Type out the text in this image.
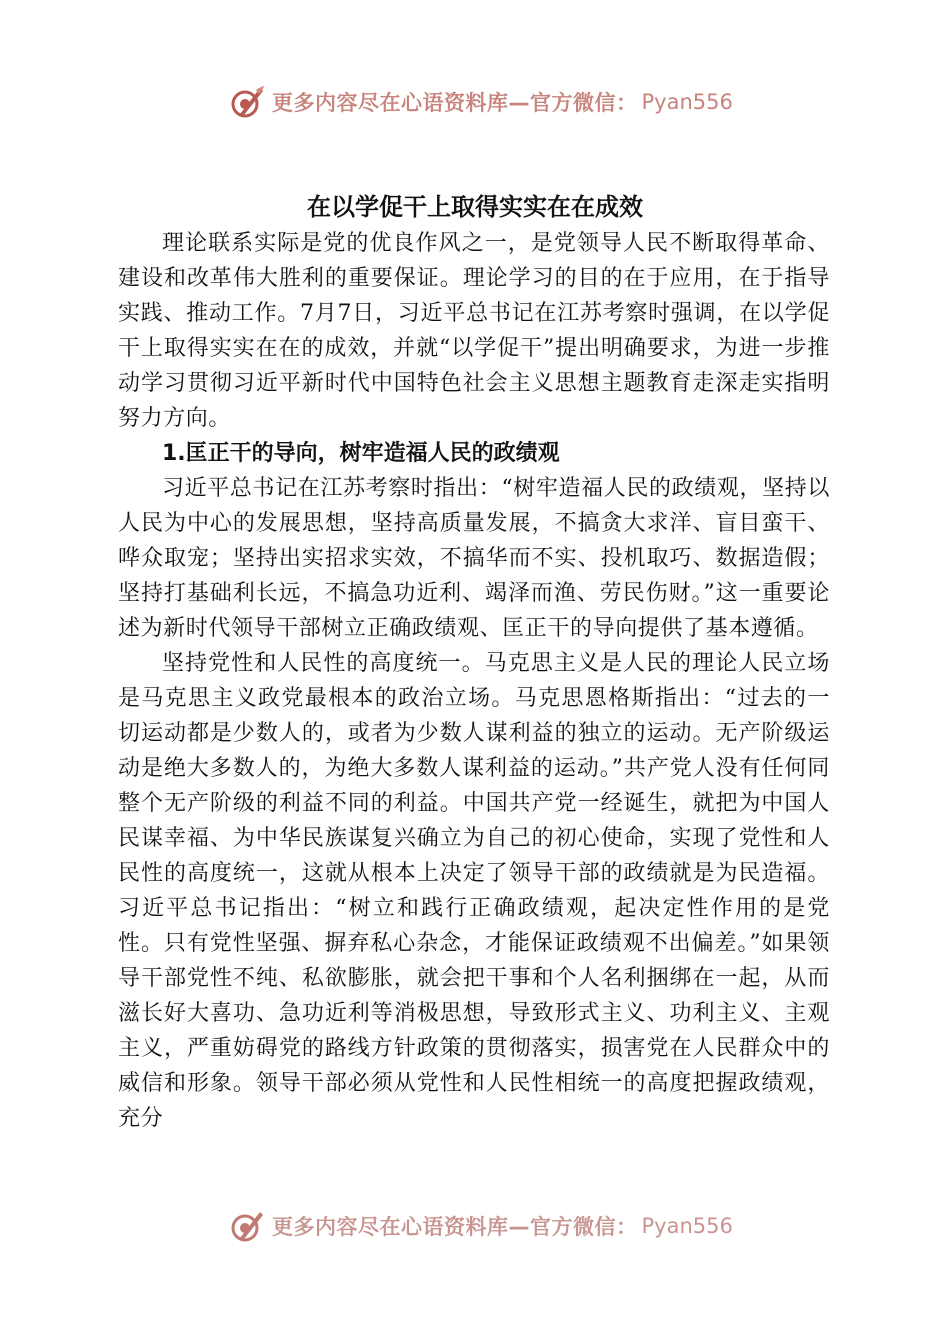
更多内容尽在心语资料库—官方微信： Pyan556
在以学促干上取得实实在在成效

理论联系实际是党的优良作风之一，是党领导人民不断取得革命、建设和改革伟大胜利的重要保证。理论学习的目的在于应用，在于指导实践、推动工作。7月7日，习近平总书记在江苏考察时强调，在以学促干上取得实实在在的成效，并就“以学促干”提出明确要求，为进一步推动学习贯彻习近平新时代中国特色社会主义思想主题教育走深走实指明努力方向。

1.匡正干的导向，树牢造福人民的政绩观

习近平总书记在江苏考察时指出：“树牢造福人民的政绩观，坚持以人民为中心的发展思想，坚持高质量发展，不搞贪大求洋、盲目蛮干、哗众取宠；坚持出实招求实效，不搞华而不实、投机取巧、数据造假；坚持打基础利长远，不搞急功近利、竭泽而渔、劳民伤财。”这一重要论述为新时代领导干部树立正确政绩观、匡正干的导向提供了基本遵循。

坚持党性和人民性的高度统一。马克思主义是人民的理论人民立场是马克思主义政党最根本的政治立场。马克思恩格斯指出：“过去的一切运动都是少数人的，或者为少数人谋利益的独立的运动。无产阶级运动是绝大多数人的，为绝大多数人谋利益的运动。”共产党人没有任何同整个无产阶级的利益不同的利益。中国共产党一经诞生，就把为中国人民谋幸福、为中华民族谋复兴确立为自己的初心使命，实现了党性和人民性的高度统一，这就从根本上决定了领导干部的政绩就是为民造福。习近平总书记指出：“树立和践行正确政绩观，起决定性作用的是党性。只有党性坚强、摒弃私心杂念，才能保证政绩观不出偏差。”如果领导干部党性不纯、私欲膨胀，就会把干事和个人名利捆绑在一起，从而滋长好大喜功、急功近利等消极思想，导致形式主义、功利主义、主观主义，严重妨碍党的路线方针政策的贯彻落实，损害党在人民群众中的威信和形象。领导干部必须从党性和人民性相统一的高度把握政绩观，充分

更多内容尽在心语资料库—官方微信： Pyan556
